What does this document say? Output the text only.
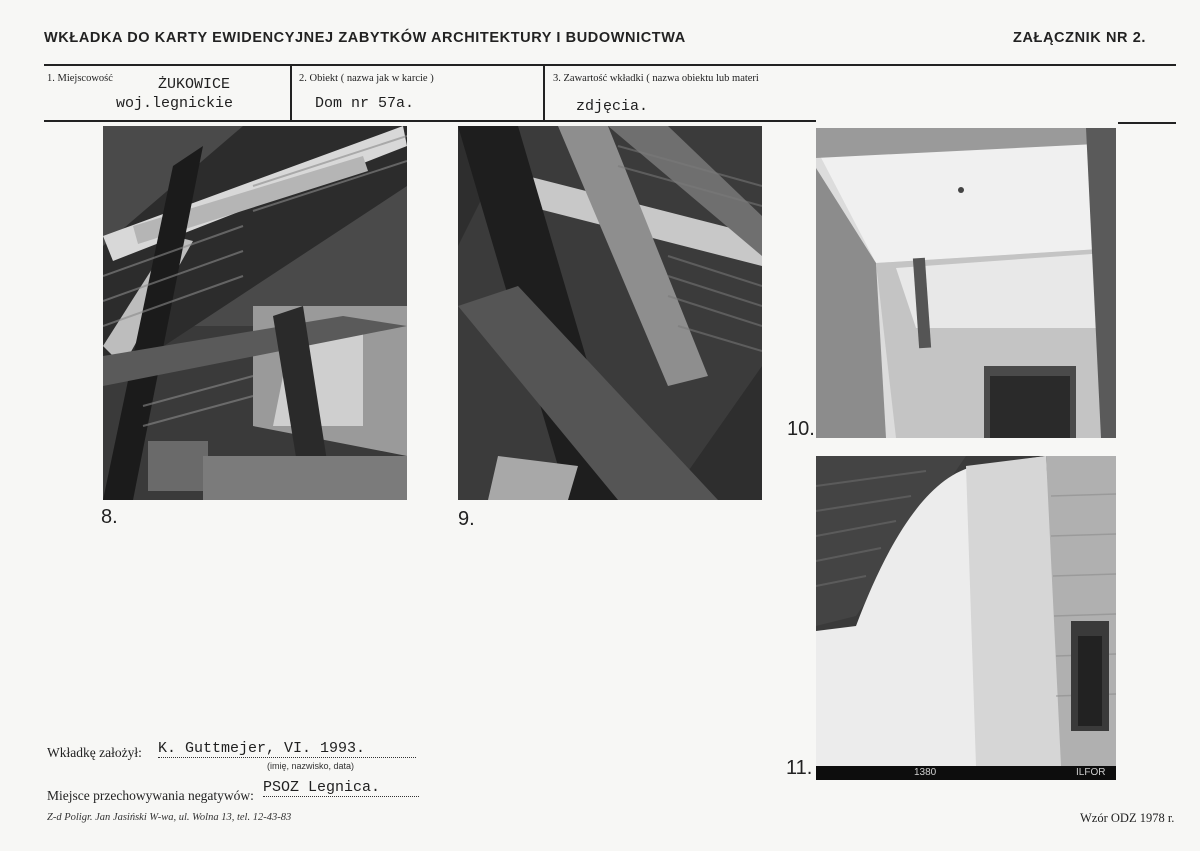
WKŁADKA DO KARTY EWIDENCYJNEJ ZABYTKÓW ARCHITEKTURY I BUDOWNICTWA	ZAŁĄCZNIK NR 2.
1. Miejscowość	ŻUKOWICE
woj.legnickie
2. Obiekt ( nazwa jak w karcie )
Dom nr 57a.
3. Zawartość wkładki ( nazwa obiektu lub materi
zdjęcia.
8.	9.
10.
1380	ILFOR
11.
Wkładkę założył: K. Guttmejer, VI. 1993.
(imię, nazwisko, data)
Miejsce przechowywania negatywów: PSOZ Legnica.
Z-d Poligr. Jan Jasiński W-wa, ul. Wolna 13, tel. 12-43-83	Wzór ODZ 1978 r.
